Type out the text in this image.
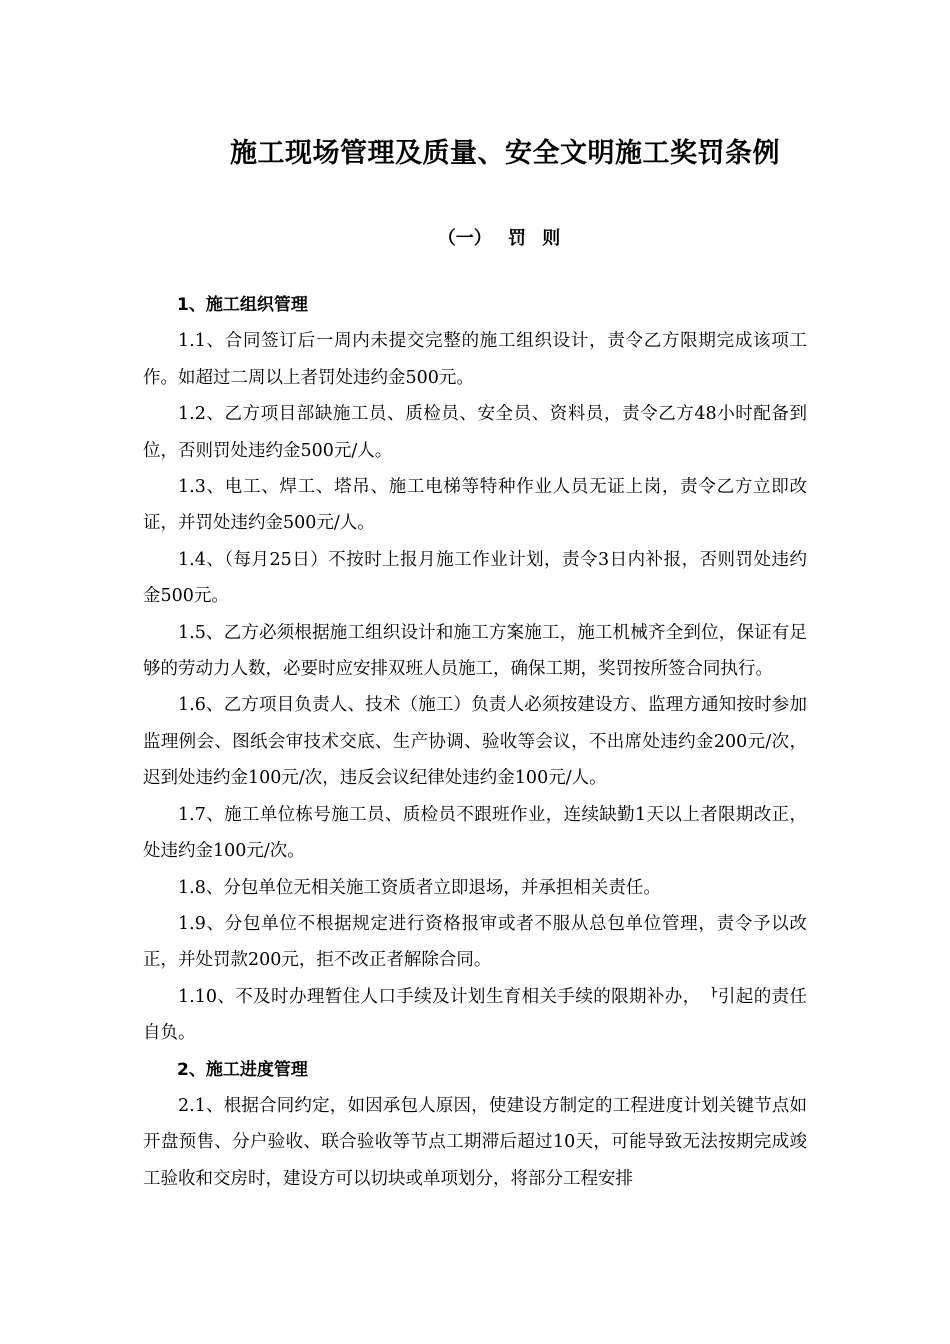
施工现场管理及质量、安全文明施工奖罚条例
（一） 罚 则

1、施工组织管理

1.1、合同签订后一周内未提交完整的施工组织设计，责令乙方限期完成该项工作。如超过二周以上者罚处违约金500元。

1.2、乙方项目部缺施工员、质检员、安全员、资料员，责令乙方48小时配备到位，否则罚处违约金500元/人。

1.3、电工、焊工、塔吊、施工电梯等特种作业人员无证上岗，责令乙方立即改证，并罚处违约金500元/人。

1.4、（每月25日）不按时上报月施工作业计划，责令3日内补报，否则罚处违约金500元。

1.5、乙方必须根据施工组织设计和施工方案施工，施工机械齐全到位，保证有足够的劳动力人数，必要时应安排双班人员施工，确保工期，奖罚按所签合同执行。

1.6、乙方项目负责人、技术（施工）负责人必须按建设方、监理方通知按时参加监理例会、图纸会审技术交底、生产协调、验收等会议，不出席处违约金200元/次，迟到处违约金100元/次，违反会议纪律处违约金100元/人。

1.7、施工单位栋号施工员、质检员不跟班作业，连续缺勤1天以上者限期改正，处违约金100元/次。

1.8、分包单位无相关施工资质者立即退场，并承担相关责任。

1.9、分包单位不根据规定进行资格报审或者不服从总包单位管理，责令予以改正，并处罚款200元，拒不改正者解除合同。

1.10、不及时办理暂住人口手续及计划生育相关手续的限期补办，ᅡ引起的责任自负。

2、施工进度管理

2.1、根据合同约定，如因承包人原因，使建设方制定的工程进度计划关键节点如开盘预售、分户验收、联合验收等节点工期滞后超过10天，可能导致无法按期完成竣工验收和交房时，建设方可以切块或单项划分，将部分工程安排
